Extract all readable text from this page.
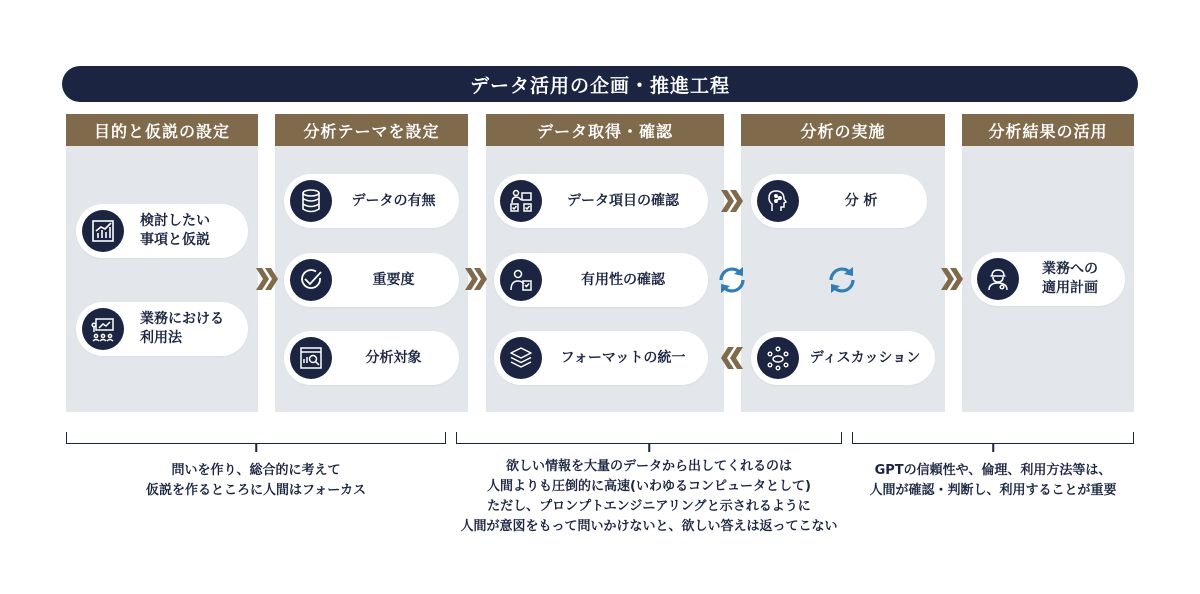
データ活用の企画・推進工程
目的と仮説の設定	分析テーマを設定	データ取得・確認	分析の実施	分析結果の活用
検討したい
事項と仮説
業務における
利用法
データの有無
重要度
分析対象
データ項目の確認
有用性の確認
フォーマットの統一
分 析
ディスカッション
業務への
適用計画
問いを作り、総合的に考えて
仮説を作るところに人間はフォーカス
欲しい情報を大量のデータから出してくれるのは
人間よりも圧倒的に高速(いわゆるコンピュータとして)
ただし、プロンプトエンジニアリングと示されるように
人間が意図をもって問いかけないと、欲しい答えは返ってこない
GPTの信頼性や、倫理、利用方法等は、
人間が確認・判断し、利用することが重要
